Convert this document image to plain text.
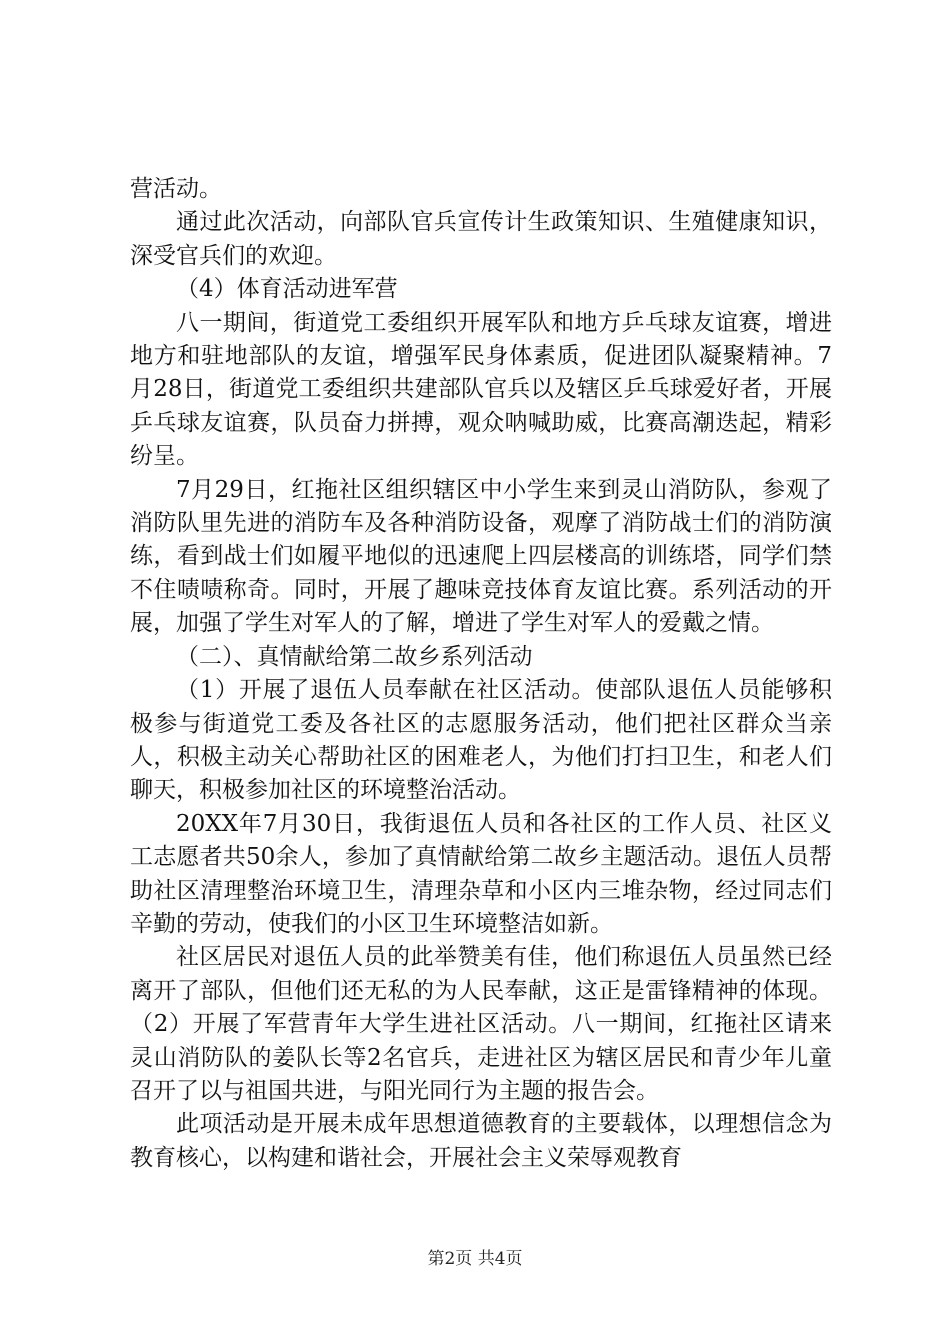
营活动。

通过此次活动，向部队官兵宣传计生政策知识、生殖健康知识，深受官兵们的欢迎。

（4）体育活动进军营

八一期间，街道党工委组织开展军队和地方乒乓球友谊赛，增进地方和驻地部队的友谊，增强军民身体素质，促进团队凝聚精神。7月28日，街道党工委组织共建部队官兵以及辖区乒乓球爱好者，开展乒乓球友谊赛，队员奋力拼搏，观众呐喊助威，比赛高潮迭起，精彩纷呈。

7月29日，红拖社区组织辖区中小学生来到灵山消防队，参观了消防队里先进的消防车及各种消防设备，观摩了消防战士们的消防演练，看到战士们如履平地似的迅速爬上四层楼高的训练塔，同学们禁不住啧啧称奇。同时，开展了趣味竞技体育友谊比赛。系列活动的开展，加强了学生对军人的了解，增进了学生对军人的爱戴之情。

（二）、真情献给第二故乡系列活动

（1）开展了退伍人员奉献在社区活动。使部队退伍人员能够积极参与街道党工委及各社区的志愿服务活动，他们把社区群众当亲人，积极主动关心帮助社区的困难老人，为他们打扫卫生，和老人们聊天，积极参加社区的环境整治活动。

20XX年7月30日，我街退伍人员和各社区的工作人员、社区义工志愿者共50余人，参加了真情献给第二故乡主题活动。退伍人员帮助社区清理整治环境卫生，清理杂草和小区内三堆杂物，经过同志们辛勤的劳动，使我们的小区卫生环境整洁如新。

社区居民对退伍人员的此举赞美有佳，他们称退伍人员虽然已经离开了部队，但他们还无私的为人民奉献，这正是雷锋精神的体现。（2）开展了军营青年大学生进社区活动。八一期间，红拖社区请来灵山消防队的姜队长等2名官兵，走进社区为辖区居民和青少年儿童召开了以与祖国共进，与阳光同行为主题的报告会。

此项活动是开展未成年思想道德教育的主要载体，以理想信念为教育核心，以构建和谐社会，开展社会主义荣辱观教育

第2页 共4页
